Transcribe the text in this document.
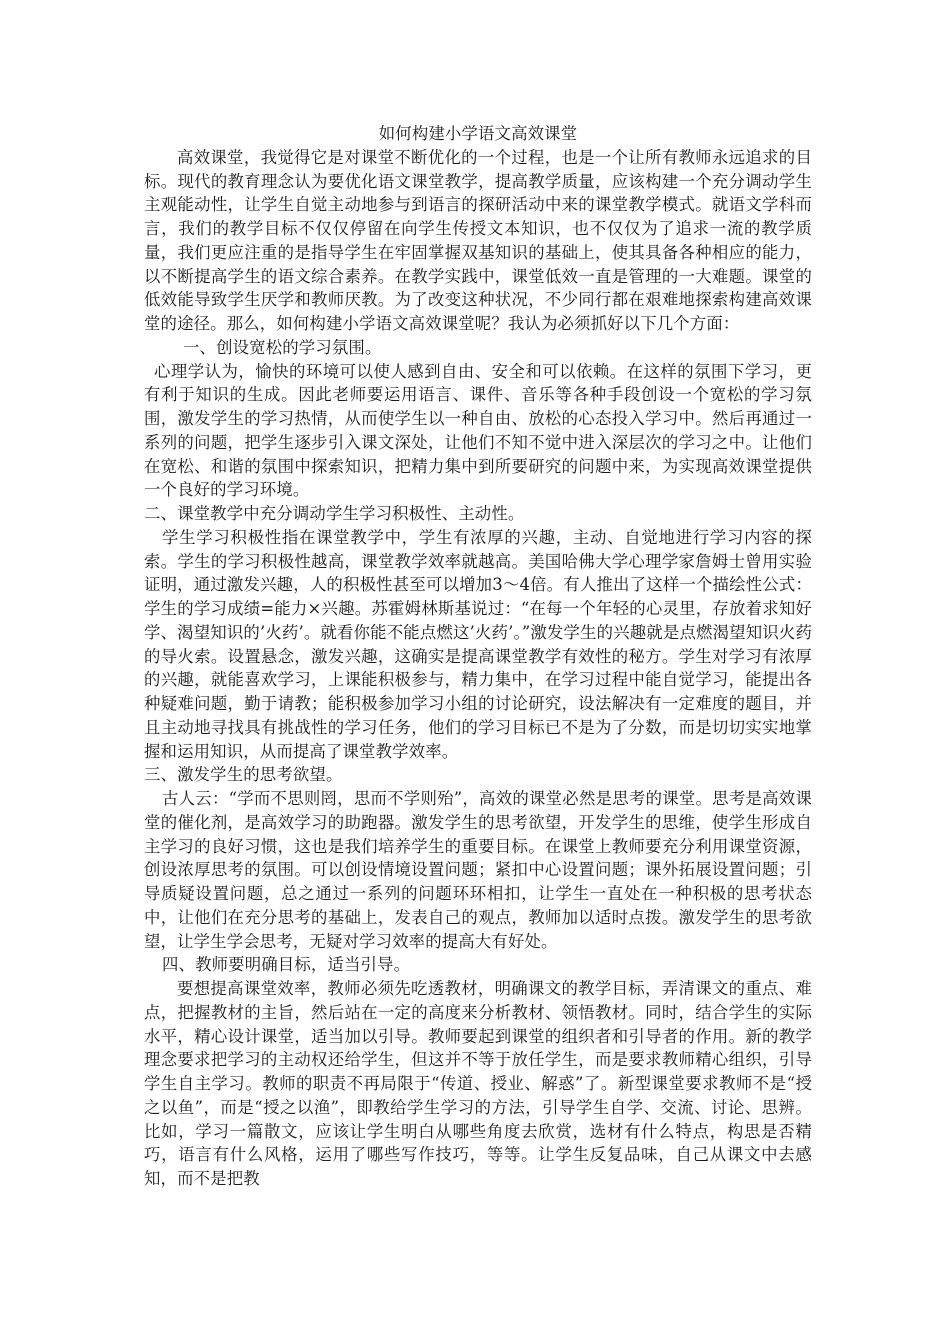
如何构建小学语文高效课堂

高效课堂，我觉得它是对课堂不断优化的一个过程，也是一个让所有教师永远追求的目标。现代的教育理念认为要优化语文课堂教学，提高教学质量，应该构建一个充分调动学生主观能动性，让学生自觉主动地参与到语言的探研活动中来的课堂教学模式。就语文学科而言，我们的教学目标不仅仅停留在向学生传授文本知识，也不仅仅为了追求一流的教学质量，我们更应注重的是指导学生在牢固掌握双基知识的基础上，使其具备各种相应的能力，以不断提高学生的语文综合素养。在教学实践中，课堂低效一直是管理的一大难题。课堂的低效能导致学生厌学和教师厌教。为了改变这种状况，不少同行都在艰难地探索构建高效课堂的途径。那么，如何构建小学语文高效课堂呢？我认为必须抓好以下几个方面：

一、创设宽松的学习氛围。

心理学认为，愉快的环境可以使人感到自由、安全和可以依赖。在这样的氛围下学习，更有利于知识的生成。因此老师要运用语言、课件、音乐等各种手段创设一个宽松的学习氛围，激发学生的学习热情，从而使学生以一种自由、放松的心态投入学习中。然后再通过一系列的问题，把学生逐步引入课文深处，让他们不知不觉中进入深层次的学习之中。让他们在宽松、和谐的氛围中探索知识，把精力集中到所要研究的问题中来，为实现高效课堂提供一个良好的学习环境。

二、课堂教学中充分调动学生学习积极性、主动性。

学生学习积极性指在课堂教学中，学生有浓厚的兴趣，主动、自觉地进行学习内容的探索。学生的学习积极性越高，课堂教学效率就越高。美国哈佛大学心理学家詹姆士曾用实验证明，通过激发兴趣，人的积极性甚至可以增加3～4倍。有人推出了这样一个描绘性公式：学生的学习成绩=能力×兴趣。苏霍姆林斯基说过：“在每一个年轻的心灵里，存放着求知好学、渴望知识的’火药’。就看你能不能点燃这’火药’。”激发学生的兴趣就是点燃渴望知识火药的导火索。设置悬念，激发兴趣，这确实是提高课堂教学有效性的秘方。学生对学习有浓厚的兴趣，就能喜欢学习，上课能积极参与，精力集中，在学习过程中能自觉学习，能提出各种疑难问题，勤于请教；能积极参加学习小组的讨论研究，设法解决有一定难度的题目，并且主动地寻找具有挑战性的学习任务，他们的学习目标已不是为了分数，而是切切实实地掌握和运用知识，从而提高了课堂教学效率。

三、激发学生的思考欲望。

古人云：“学而不思则罔，思而不学则殆”，高效的课堂必然是思考的课堂。思考是高效课堂的催化剂，是高效学习的助跑器。激发学生的思考欲望，开发学生的思维，使学生形成自主学习的良好习惯，这也是我们培养学生的重要目标。在课堂上教师要充分利用课堂资源，创设浓厚思考的氛围。可以创设情境设置问题；紧扣中心设置问题；课外拓展设置问题；引导质疑设置问题，总之通过一系列的问题环环相扣，让学生一直处在一种积极的思考状态中，让他们在充分思考的基础上，发表自己的观点，教师加以适时点拨。激发学生的思考欲望，让学生学会思考，无疑对学习效率的提高大有好处。

四、教师要明确目标，适当引导。

要想提高课堂效率，教师必须先吃透教材，明确课文的教学目标，弄清课文的重点、难点，把握教材的主旨，然后站在一定的高度来分析教材、领悟教材。同时，结合学生的实际水平，精心设计课堂，适当加以引导。教师要起到课堂的组织者和引导者的作用。新的教学理念要求把学习的主动权还给学生，但这并不等于放任学生，而是要求教师精心组织，引导学生自主学习。教师的职责不再局限于“传道、授业、解惑”了。新型课堂要求教师不是“授之以鱼”，而是“授之以渔”，即教给学生学习的方法，引导学生自学、交流、讨论、思辨。比如，学习一篇散文，应该让学生明白从哪些角度去欣赏，选材有什么特点，构思是否精巧，语言有什么风格，运用了哪些写作技巧，等等。让学生反复品味，自己从课文中去感知，而不是把教
